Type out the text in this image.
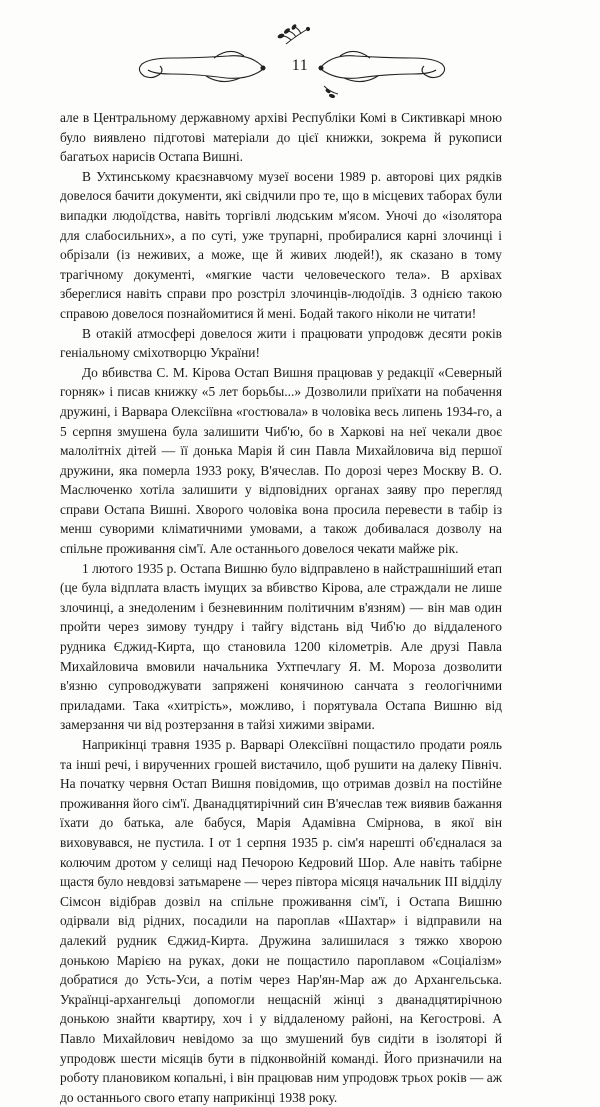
11

але в Центральному державному архіві Республіки Комі в Сиктивкарі мною було виявлено підготові матеріали до цієї книжки, зокрема й рукописи багатьох нарисів Остапа Вишні.

В Ухтинському краєзнавчому музеї восени 1989 р. авторові цих рядків довелося бачити документи, які свідчили про те, що в місцевих таборах були випадки людоїдства, навіть торгівлі людським м'ясом. Уночі до «ізолятора для слабосильних», а по суті, уже трупарні, пробиралися карні злочинці і обрізали (із неживих, а може, ще й живих людей!), як сказано в тому трагічному документі, «мягкие части человеческого тела». В архівах збереглися навіть справи про розстріл злочинців-людоїдів. З однією такою справою довелося познайомитися й мені. Бодай такого ніколи не читати!

В отакій атмосфері довелося жити і працювати упродовж десяти років геніальному сміхотворцю України!

До вбивства С. М. Кірова Остап Вишня працював у редакції «Северный горняк» і писав книжку «5 лет борьбы...» Дозволили приїхати на побачення дружині, і Варвара Олексіївна «гостювала» в чоловіка весь липень 1934-го, а 5 серпня змушена була залишити Чиб'ю, бо в Харкові на неї чекали двоє малолітніх дітей — її донька Марія й син Павла Михайловича від першої дружини, яка померла 1933 року, В'ячеслав. По дорозі через Москву В. О. Маслюченко хотіла залишити у відповідних органах заяву про перегляд справи Остапа Вишні. Хворого чоловіка вона просила перевести в табір із менш суворими кліматичними умовами, а також добивалася дозволу на спільне проживання сім'ї. Але останнього довелося чекати майже рік.

1 лютого 1935 р. Остапа Вишню було відправлено в найстрашніший етап (це була відплата власть імущих за вбивство Кірова, але страждали не лише злочинці, а знедоленим і безневинним політичним в'язням) — він мав один пройти через зимову тундру і тайгу відстань від Чиб'ю до віддаленого рудника Єджид-Кирта, що становила 1200 кілометрів. Але друзі Павла Михайловича вмовили начальника Ухтпечлагу Я. М. Мороза дозволити в'язню супроводжувати запряжені конячиною санчата з геологічними приладами. Така «хитрість», можливо, і порятувала Остапа Вишню від замерзання чи від розтерзання в тайзі хижими звірами.

Наприкінці травня 1935 р. Варварі Олексіївні пощастило продати рояль та інші речі, і вирученних грошей вистачило, щоб рушити на далеку Північ. На початку червня Остап Вишня повідомив, що отримав дозвіл на постійне проживання його сім'ї. Дванадцятирічний син В'ячеслав теж виявив бажання їхати до батька, але бабуся, Марія Адамівна Смірнова, в якої він виховувався, не пустила. І от 1 серпня 1935 р. сім'я нарешті об'єдналася за колючим дротом у селищі над Печорою Кедровий Шор. Але навіть табірне щастя було невдовзі затьмарене — через півтора місяця начальник ІІІ відділу Сімсон відібрав дозвіл на спільне проживання сім'ї, і Остапа Вишню одірвали від рідних, посадили на пароплав «Шахтар» і відправили на далекий рудник Єджид-Кирта. Дружина залишилася з тяжко хворою донькою Марією на руках, доки не пощастило пароплавом «Соціалізм» добратися до Усть-Уси, а потім через Нар'ян-Мар аж до Архангельська. Українці-архангельці допомогли нещасній жінці з дванадцятирічною донькою знайти квартиру, хоч і у віддаленому районі, на Кегострові. А Павло Михайлович невідомо за що змушений був сидіти в ізоляторі й упродовж шести місяців бути в підконвойній команді. Його призначили на роботу плановиком копальні, і він працював ним упродовж трьох років — аж до останнього свого етапу наприкінці 1938 року.
